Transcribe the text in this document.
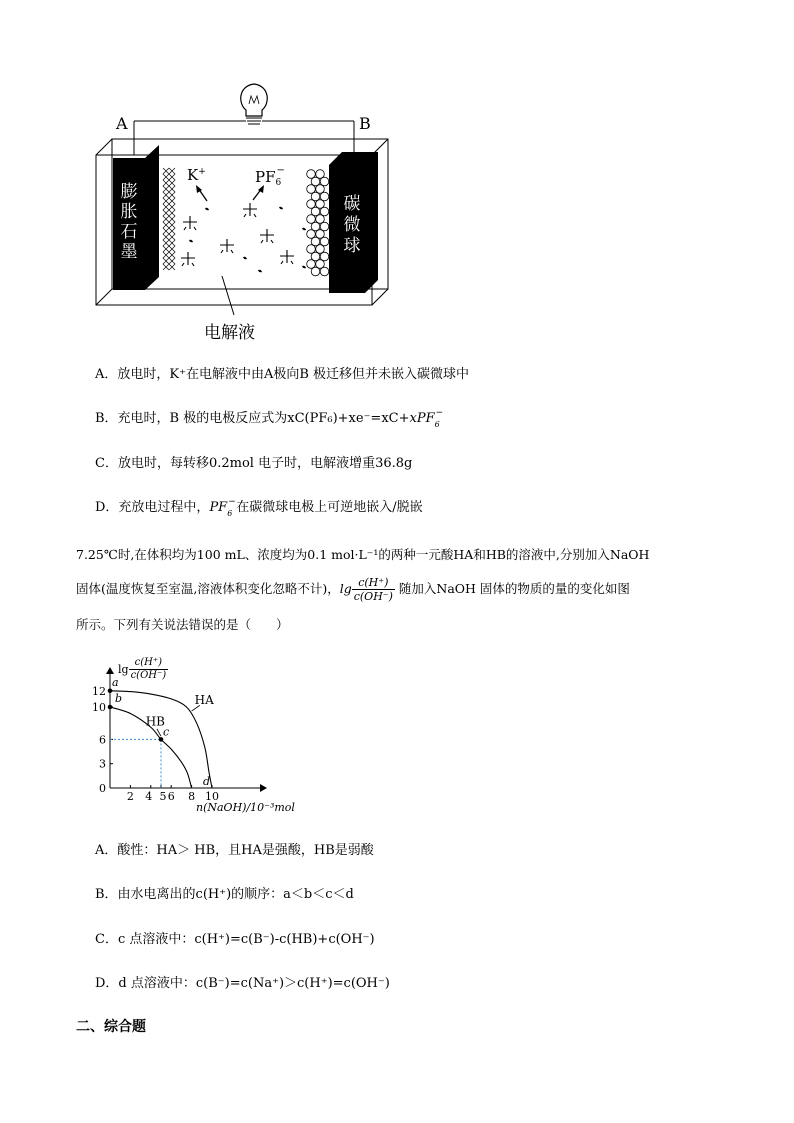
A	B
K+	PF 6
−
膨
胀
石
墨
碳
微
球
电解液
A．放电时，K⁺在电解液中由A极向B 极迁移但并未嵌入碳微球中
B．充电时，B 极的电极反应式为xC(PF₆)+xe⁻=xC+xPF 6
−
C．放电时，每转移0.2mol 电子时，电解液增重36.8g
D．充放电过程中，PF 6
− 在碳微球电极上可逆地嵌入/脱嵌
7.25℃时,在体积均为100 mL、浓度均为0.1 mol·L⁻¹的两种一元酸HA和HB的溶液中,分别加入NaOH
固体(温度恢复至室温,溶液体积变化忽略不计)，$\lg \frac{c(H^+)}{c(OH^-)}$ 随加入NaOH 固体的物质的量的变化如图
所示。下列有关说法错误的是（　　）
2 4 5 6 8 10
0
3
6
10
12
HA
HB
a
b
c
d
$\lg \frac{c(H^+)}{c(OH^-)}$
n(NaOH)/10⁻³mol
A．酸性：HA＞ HB，且HA是强酸，HB是弱酸
B．由水电离出的c(H⁺)的顺序：a＜b＜c＜d
C．c 点溶液中：c(H⁺)=c(B⁻)-c(HB)+c(OH⁻)
D．d 点溶液中：c(B⁻)=c(Na⁺)＞c(H⁺)=c(OH⁻)
二、综合题
